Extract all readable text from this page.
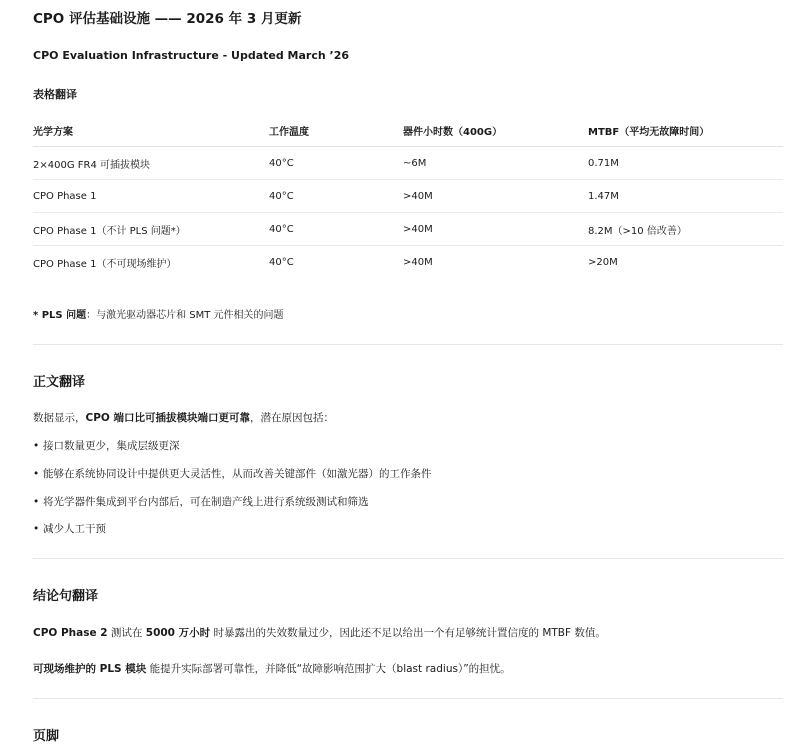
CPO 评估基础设施 —— 2026 年 3 月更新
CPO Evaluation Infrastructure - Updated March ’26
表格翻译
光学方案	工作温度	器件小时数（400G）	MTBF（平均无故障时间）
2×400G FR4 可插拔模块	40°C	~6M	0.71M
CPO Phase 1	40°C	>40M	1.47M
CPO Phase 1（不计 PLS 问题*）	40°C	>40M	8.2M（>10 倍改善）
CPO Phase 1（不可现场维护）	40°C	>40M	>20M
* PLS 问题：与激光驱动器芯片和 SMT 元件相关的问题
正文翻译
数据显示，CPO 端口比可插拔模块端口更可靠，潜在原因包括：
• 接口数量更少，集成层级更深
• 能够在系统协同设计中提供更大灵活性，从而改善关键部件（如激光器）的工作条件
• 将光学器件集成到平台内部后，可在制造产线上进行系统级测试和筛选
• 减少人工干预
结论句翻译
CPO Phase 2 测试在 5000 万小时 时暴露出的失效数量过少，因此还不足以给出一个有足够统计置信度的 MTBF 数值。
可现场维护的 PLS 模块 能提升实际部署可靠性，并降低“故障影响范围扩大（blast radius）”的担忧。
页脚
